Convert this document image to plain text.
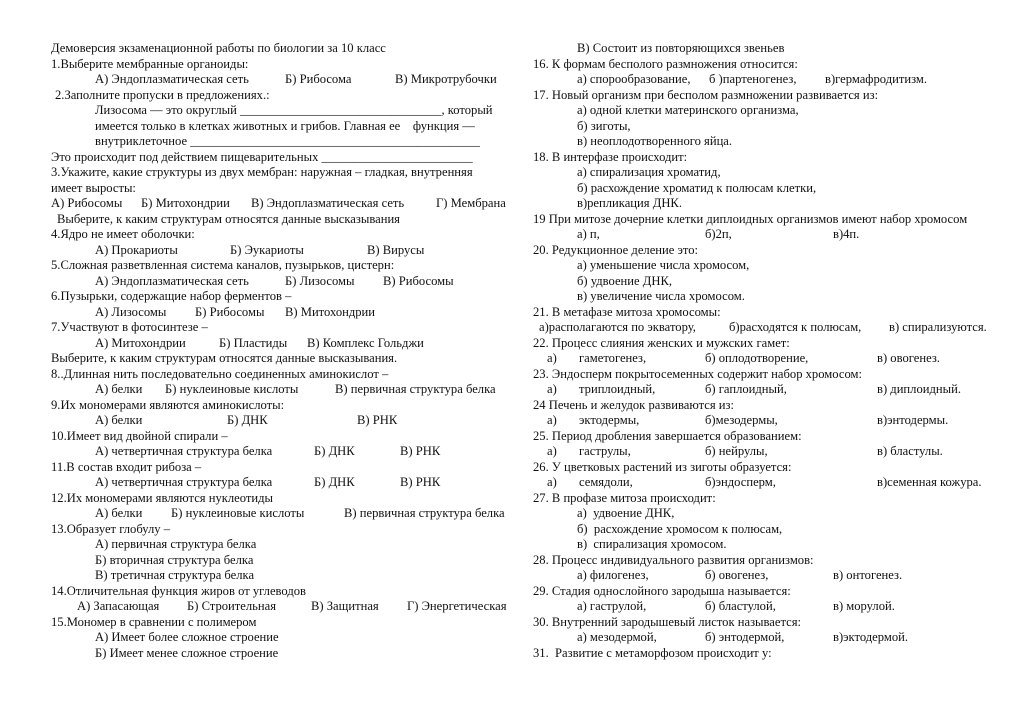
Демоверсия экзаменационной работы по биологии за 10 класс
1.Выберите мембранные органоиды:
А) Эндоплазматическая сеть	Б) Рибосома	В) Микротрубочки
2.Заполните пропуски в предложениях.:
Лизосома — это округлый ________________________________, который
имеется только в клетках животных и грибов. Главная ее    функция —
внутриклеточное ______________________________________________
Это происходит под действием пищеварительных ________________________
3.Укажите, какие структуры из двух мембран: наружная – гладкая, внутренняя
имеет выросты:
А) Рибосомы	Б) Митохондрии	В) Эндоплазматическая сеть	Г) Мембрана
Выберите, к каким структурам относятся данные высказывания
4.Ядро не имеет оболочки:
А) Прокариоты	Б) Эукариоты	В) Вирусы
5.Сложная разветвленная система каналов, пузырьков, цистерн:
А) Эндоплазматическая сеть	Б) Лизосомы	В) Рибосомы
6.Пузырьки, содержащие набор ферментов –
А) Лизосомы	Б) Рибосомы	В) Митохондрии
7.Участвуют в фотосинтезе –
А) Митохондрии	Б) Пластиды	В) Комплекс Гольджи
Выберите, к каким структурам относятся данные высказывания.
8..Длинная нить последовательно соединенных аминокислот –
А) белки	Б) нуклеиновые кислоты	В) первичная структура белка
9.Их мономерами являются аминокислоты:
А) белки	Б) ДНК	В) РНК
10.Имеет вид двойной спирали –
А) четвертичная структура белка	Б) ДНК	В) РНК
11.В состав входит рибоза –
А) четвертичная структура белка	Б) ДНК	В) РНК
12.Их мономерами являются нуклеотиды
А) белки	Б) нуклеиновые кислоты	В) первичная структура белка
13.Образует глобулу –
А) первичная структура белка
Б) вторичная структура белка
В) третичная структура белка
14.Отличительная функция жиров от углеводов
А) Запасающая	Б) Строительная	В) Защитная	Г) Энергетическая
15.Мономер в сравнении с полимером
А) Имеет более сложное строение
Б) Имеет менее сложное строение
В) Состоит из повторяющихся звеньев
16. К формам бесполого размножения относится:
а) спорообразование,	б )партеногенез,	в)гермафродитизм.
17. Новый организм при бесполом размножении развивается из:
а) одной клетки материнского организма,
б) зиготы,
в) неоплодотворенного яйца.
18. В интерфазе происходит:
а) спирализация хроматид,
б) расхождение хроматид к полюсам клетки,
в)репликация ДНК.
19 При митозе дочерние клетки диплоидных организмов имеют набор хромосом
а) п,	б)2п,	в)4п.
20. Редукционное деление это:
а) уменьшение числа хромосом,
б) удвоение ДНК,
в) увеличение числа хромосом.
21. В метафазе митоза хромосомы:
а)располагаются по экватору,	б)расходятся к полюсам,	в) спирализуются.
22. Процесс слияния женских и мужских гамет:
а)	гаметогенез,	б) оплодотворение,	в) овогенез.
23. Эндосперм покрытосеменных содержит набор хромосом:
а)	триплоидный,	б) гаплоидный,	в) диплоидный.
24 Печень и желудок развиваются из:
а)	эктодермы,	б)мезодермы,	в)энтодермы.
25. Период дробления завершается образованием:
а)	гаструлы,	б) нейрулы,	в) бластулы.
26. У цветковых растений из зиготы образуется:
а)	семядоли,	б)эндосперм,	в)семенная кожура.
27. В профазе митоза происходит:
а)  удвоение ДНК,
б)  расхождение хромосом к полюсам,
в)  спирализация хромосом.
28. Процесс индивидуального развития организмов:
а) филогенез,	б) овогенез,	в) онтогенез.
29. Стадия однослойного зародыша называется:
а) гаструлой,	б) бластулой,	в) морулой.
30. Внутренний зародышевый листок называется:
а) мезодермой,	б) энтодермой,	в)эктодермой.
31.  Развитие с метаморфозом происходит у:
